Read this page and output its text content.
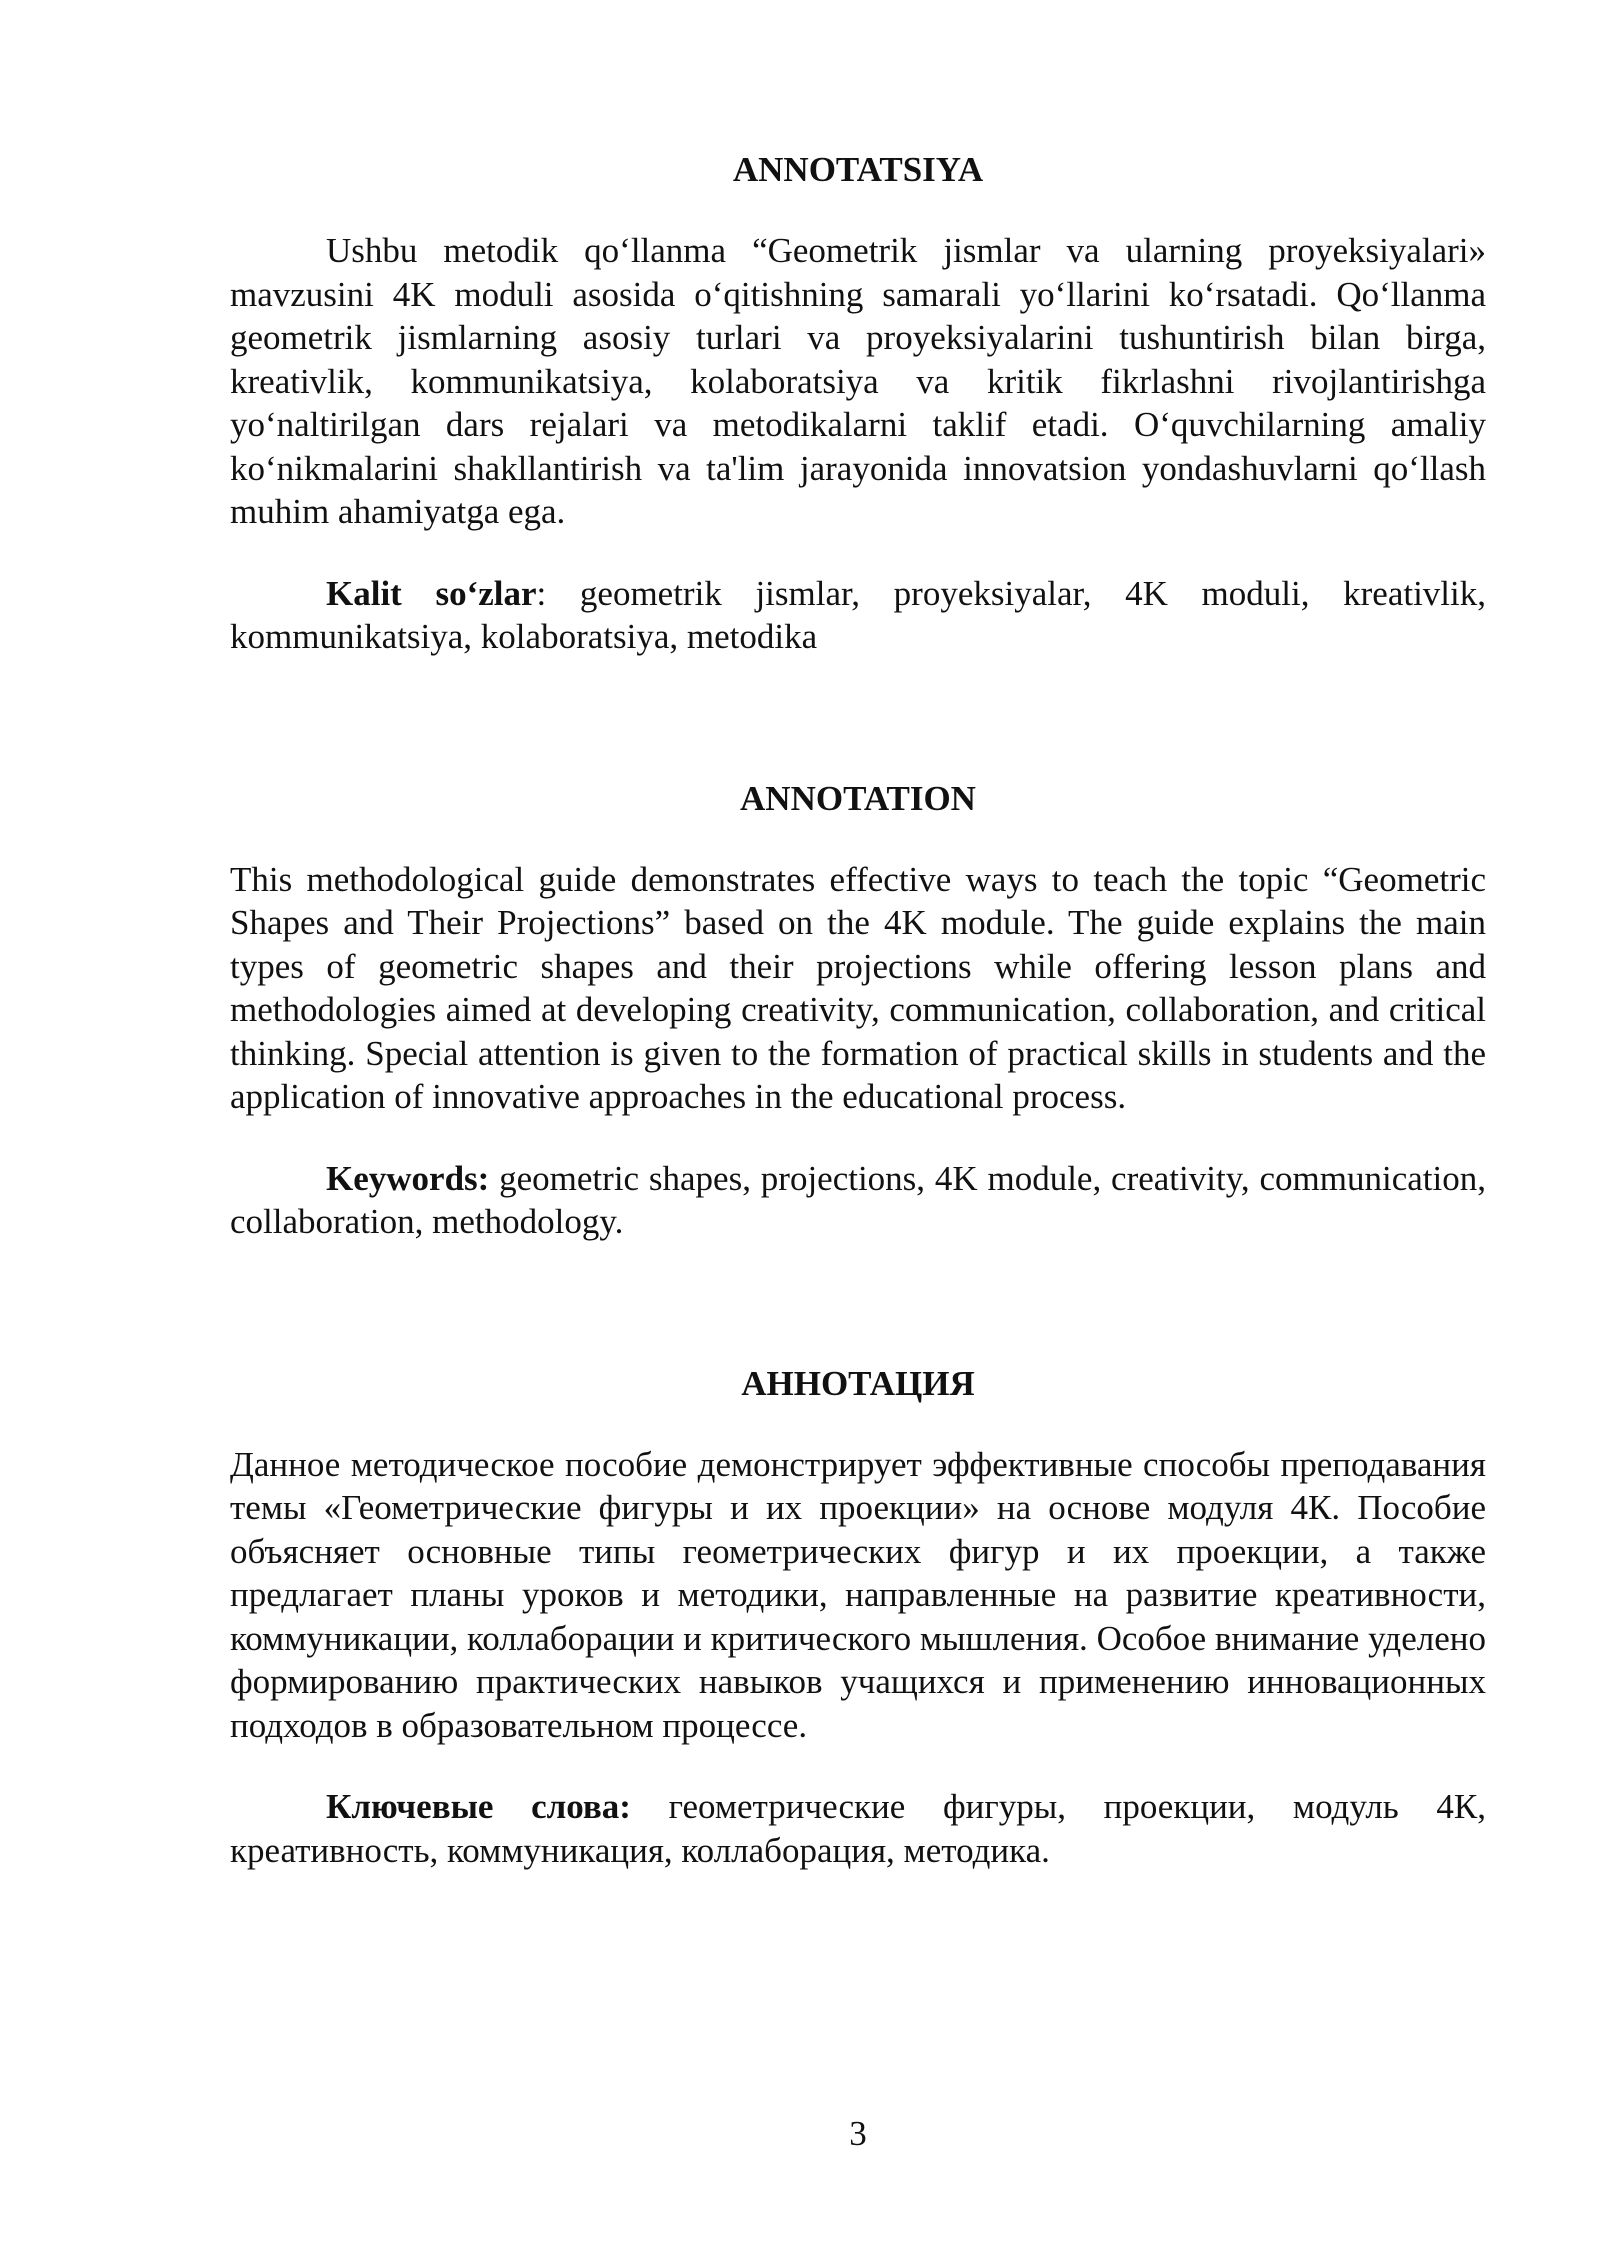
ANNOTATSIYA

Ushbu metodik qo‘llanma “Geometrik jismlar va ularning proyeksiyalari» mavzusini 4K moduli asosida o‘qitishning samarali yo‘llarini ko‘rsatadi. Qo‘llanma geometrik jismlarning asosiy turlari va proyeksiyalarini tushuntirish bilan birga, kreativlik, kommunikatsiya, kolaboratsiya va kritik fikrlashni rivojlantirishga yo‘naltirilgan dars rejalari va metodikalarni taklif etadi. O‘quvchilarning amaliy ko‘nikmalarini shakllantirish va ta'lim jarayonida innovatsion yondashuvlarni qo‘llash muhim ahamiyatga ega.

Kalit so‘zlar: geometrik jismlar, proyeksiyalar, 4K moduli, kreativlik, kommunikatsiya, kolaboratsiya, metodika

ANNOTATION

This methodological guide demonstrates effective ways to teach the topic “Geometric Shapes and Their Projections” based on the 4K module. The guide explains the main types of geometric shapes and their projections while offering lesson plans and methodologies aimed at developing creativity, communication, collaboration, and critical thinking. Special attention is given to the formation of practical skills in students and the application of innovative approaches in the educational process.

Keywords: geometric shapes, projections, 4K module, creativity, communication, collaboration, methodology.

АННОТАЦИЯ

Данное методическое пособие демонстрирует эффективные способы преподавания темы «Геометрические фигуры и их проекции» на основе модуля 4К. Пособие объясняет основные типы геометрических фигур и их проекции, а также предлагает планы уроков и методики, направленные на развитие креативности, коммуникации, коллаборации и критического мышления. Особое внимание уделено формированию практических навыков учащихся и применению инновационных подходов в образовательном процессе.

Ключевые слова: геометрические фигуры, проекции, модуль 4К, креативность, коммуникация, коллаборация, методика.

3
